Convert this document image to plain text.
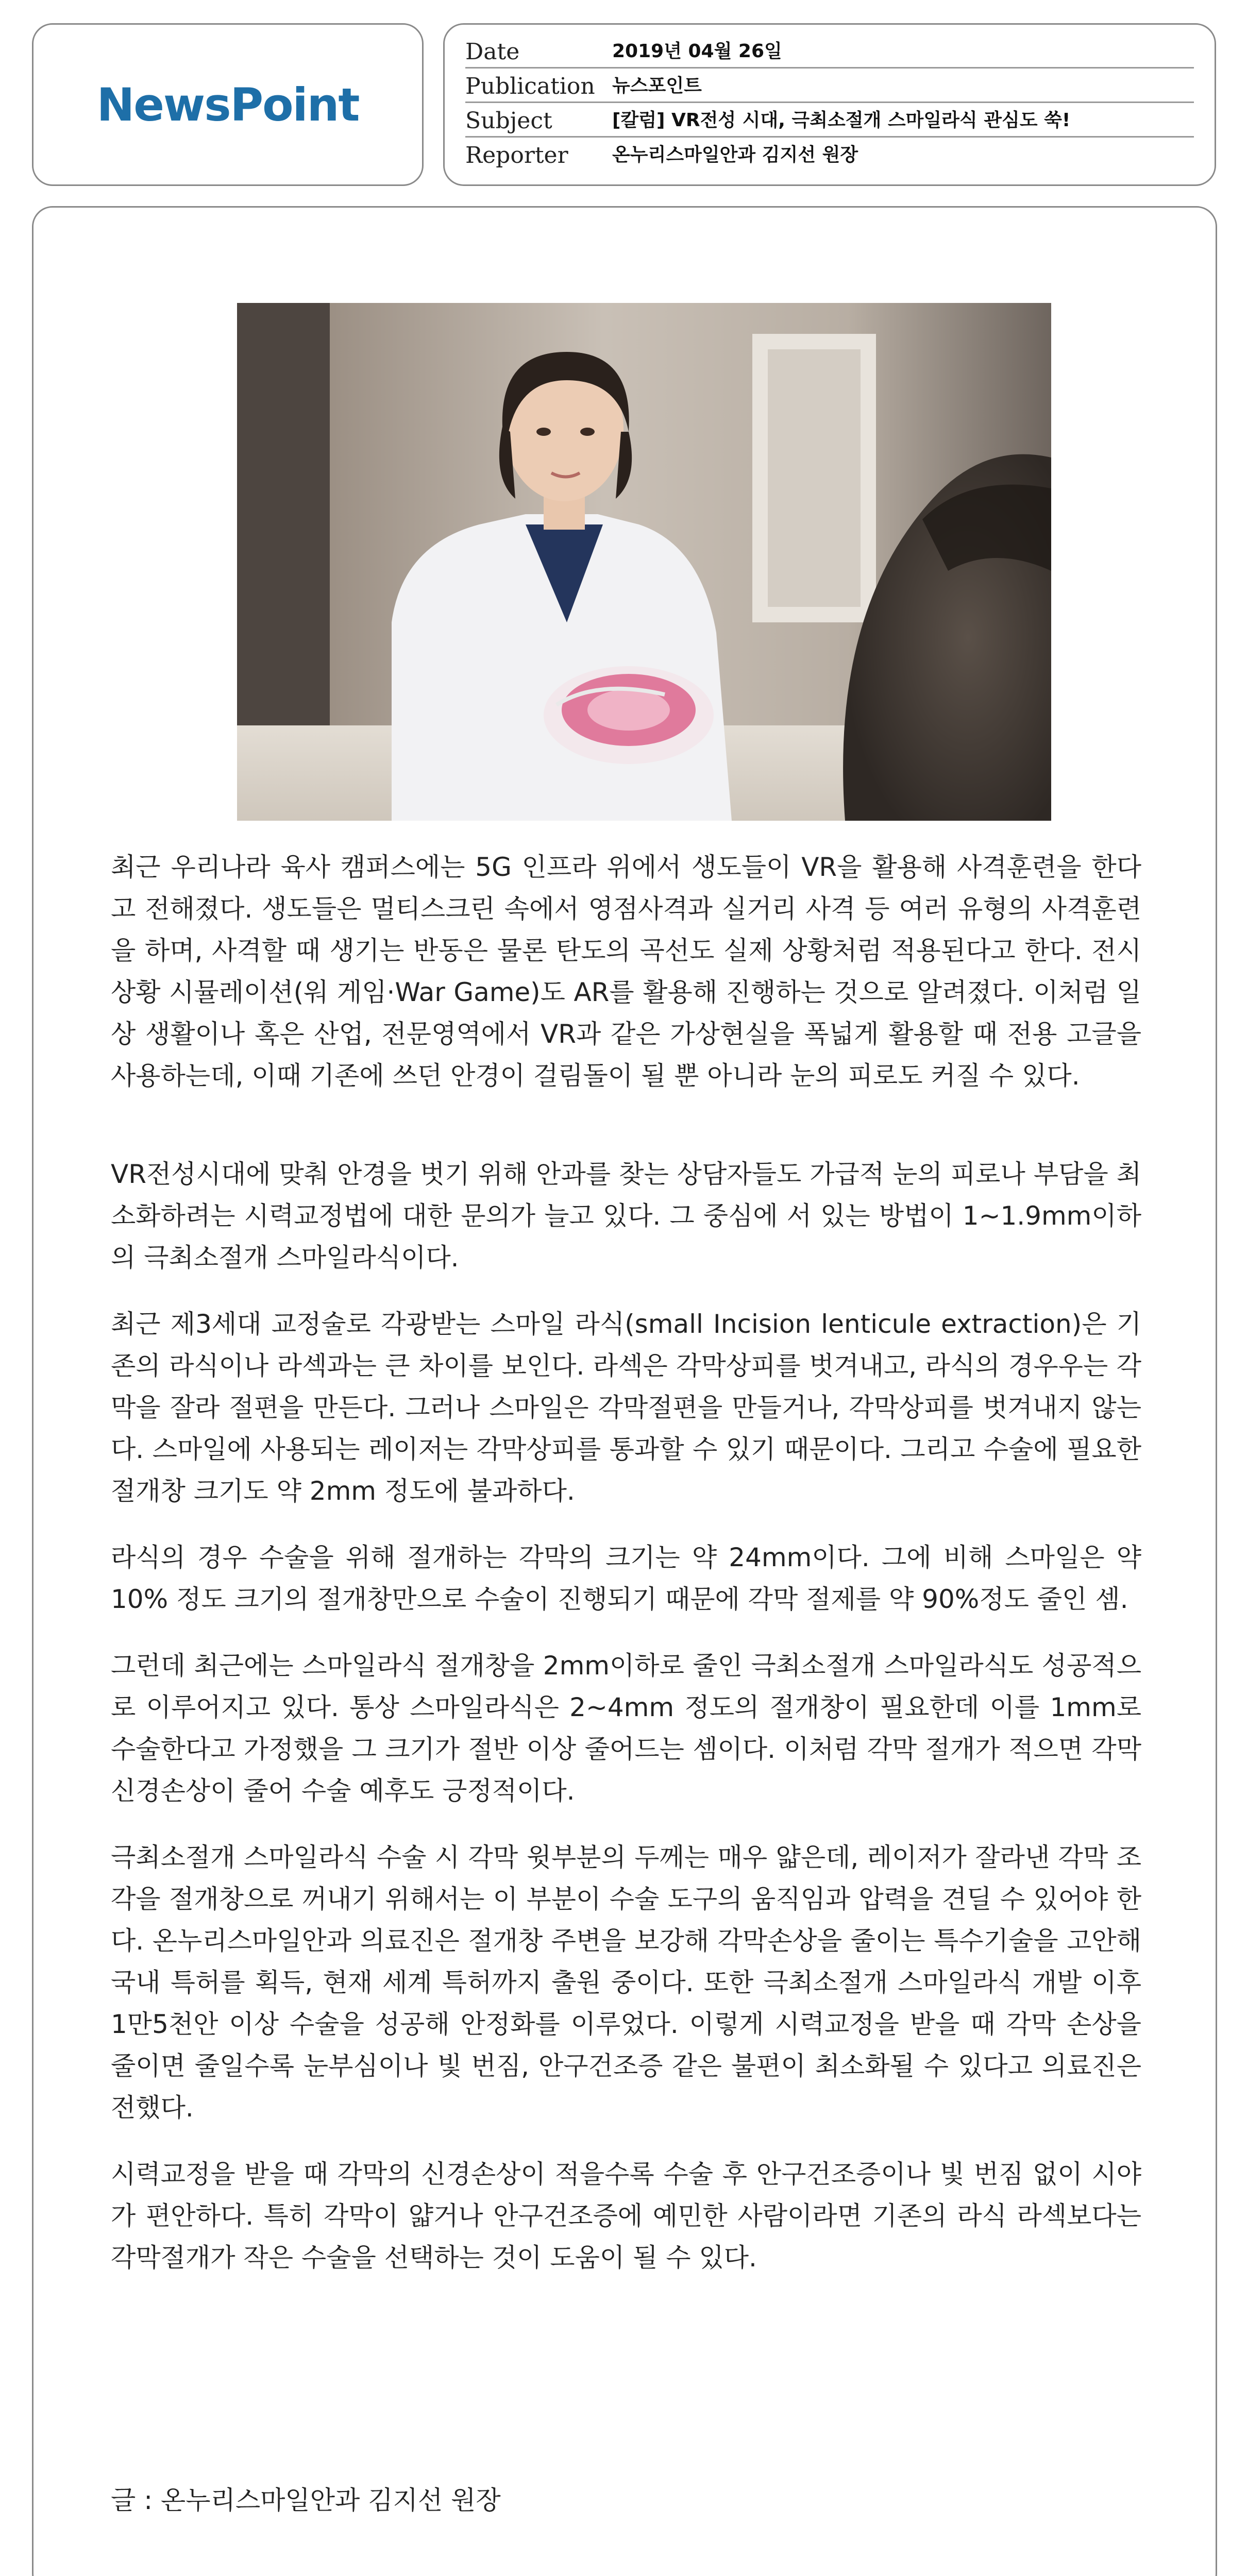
NewsPoint
Date	2019년 04월 26일
Publication 뉴스포인트
Subject	[칼럼] VR전성 시대, 극최소절개 스마일라식 관심도 쑥!
Reporter	온누리스마일안과 김지선 원장

최근 우리나라 육사 캠퍼스에는 5G 인프라 위에서 생도들이 VR을 활용해 사격훈련을 한다고 전해졌다. 생도들은 멀티스크린 속에서 영점사격과 실거리 사격 등 여러 유형의 사격훈련을 하며, 사격할 때 생기는 반동은 물론 탄도의 곡선도 실제 상황처럼 적용된다고 한다. 전시 상황 시뮬레이션(워 게임·War Game)도 AR를 활용해 진행하는 것으로 알려졌다. 이처럼 일상 생활이나 혹은 산업, 전문영역에서 VR과 같은 가상현실을 폭넓게 활용할 때 전용 고글을 사용하는데, 이때 기존에 쓰던 안경이 걸림돌이 될 뿐 아니라 눈의 피로도 커질 수 있다.

VR전성시대에 맞춰 안경을 벗기 위해 안과를 찾는 상담자들도 가급적 눈의 피로나 부담을 최소화하려는 시력교정법에 대한 문의가 늘고 있다. 그 중심에 서 있는 방법이 1~1.9mm이하의 극최소절개 스마일라식이다.

최근 제3세대 교정술로 각광받는 스마일 라식(small Incision lenticule extraction)은 기존의 라식이나 라섹과는 큰 차이를 보인다. 라섹은 각막상피를 벗겨내고, 라식의 경우우는 각막을 잘라 절편을 만든다. 그러나 스마일은 각막절편을 만들거나, 각막상피를 벗겨내지 않는다. 스마일에 사용되는 레이저는 각막상피를 통과할 수 있기 때문이다. 그리고 수술에 필요한 절개창 크기도 약 2mm 정도에 불과하다.

라식의 경우 수술을 위해 절개하는 각막의 크기는 약 24mm이다. 그에 비해 스마일은 약 10% 정도 크기의 절개창만으로 수술이 진행되기 때문에 각막 절제를 약 90%정도 줄인 셈.

그런데 최근에는 스마일라식 절개창을 2mm이하로 줄인 극최소절개 스마일라식도 성공적으로 이루어지고 있다. 통상 스마일라식은 2~4mm 정도의 절개창이 필요한데 이를 1mm로 수술한다고 가정했을 그 크기가 절반 이상 줄어드는 셈이다. 이처럼 각막 절개가 적으면 각막 신경손상이 줄어 수술 예후도 긍정적이다.

극최소절개 스마일라식 수술 시 각막 윗부분의 두께는 매우 얇은데, 레이저가 잘라낸 각막 조각을 절개창으로 꺼내기 위해서는 이 부분이 수술 도구의 움직임과 압력을 견딜 수 있어야 한다. 온누리스마일안과 의료진은 절개창 주변을 보강해 각막손상을 줄이는 특수기술을 고안해 국내 특허를 획득, 현재 세계 특허까지 출원 중이다. 또한 극최소절개 스마일라식 개발 이후 1만5천안 이상 수술을 성공해 안정화를 이루었다. 이렇게 시력교정을 받을 때 각막 손상을 줄이면 줄일수록 눈부심이나 빛 번짐, 안구건조증 같은 불편이 최소화될 수 있다고 의료진은 전했다.

시력교정을 받을 때 각막의 신경손상이 적을수록 수술 후 안구건조증이나 빛 번짐 없이 시야가 편안하다. 특히 각막이 얇거나 안구건조증에 예민한 사람이라면 기존의 라식 라섹보다는 각막절개가 작은 수술을 선택하는 것이 도움이 될 수 있다.

글 : 온누리스마일안과 김지선 원장
